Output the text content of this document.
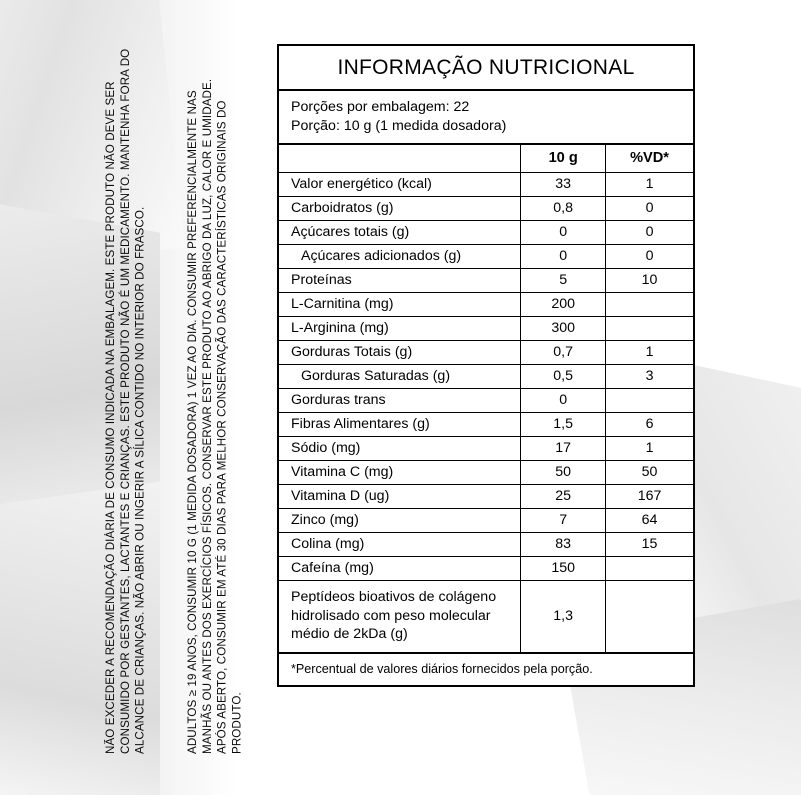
NÃO EXCEDER A RECOMENDAÇÃO DIÁRIA DE CONSUMO INDICADA NA EMBALAGEM. ESTE PRODUTO NÃO DEVE SER CONSUMIDO POR GESTANTES, LACTANTES E CRIANÇAS. ESTE PRODUTO NÃO É UM MEDICAMENTO. MANTENHA FORA DO ALCANCE DE CRIANÇAS. NÃO ABRIR OU INGERIR A SÍLICA CONTIDO NO INTERIOR DO FRASCO.	ADULTOS ≥ 19 ANOS, CONSUMIR 10 G (1 MEDIDA DOSADORA) 1 VEZ AO DIA. CONSUMIR PREFERENCIALMENTE NAS MANHÃS OU ANTES DOS EXERCÍCIOS FÍSICOS. CONSERVAR ESTE PRODUTO AO ABRIGO DA LUZ, CALOR E UMIDADE. APÓS ABERTO, CONSUMIR EM ATÉ 30 DIAS PARA MELHOR CONSERVAÇÃO DAS CARACTERÍSTICAS ORIGINAIS DO PRODUTO.
INFORMAÇÃO NUTRICIONAL
Porções por embalagem: 22
Porção: 10 g (1 medida dosadora)
	10 g	%VD*
Valor energético (kcal)	33	1
Carboidratos (g)	0,8	0
Açúcares totais (g)	0	0
Açúcares adicionados (g)	0	0
Proteínas	5	10
L-Carnitina (mg)	200	
L-Arginina (mg)	300	
Gorduras Totais (g)	0,7	1
Gorduras Saturadas (g)	0,5	3
Gorduras trans	0	
Fibras Alimentares (g)	1,5	6
Sódio (mg)	17	1
Vitamina C (mg)	50	50
Vitamina D (ug)	25	167
Zinco (mg)	7	64
Colina (mg)	83	15
Cafeína (mg)	150	
Peptídeos bioativos de colágeno hidrolisado com peso molecular médio de 2kDa (g)	1,3	
*Percentual de valores diários fornecidos pela porção.
